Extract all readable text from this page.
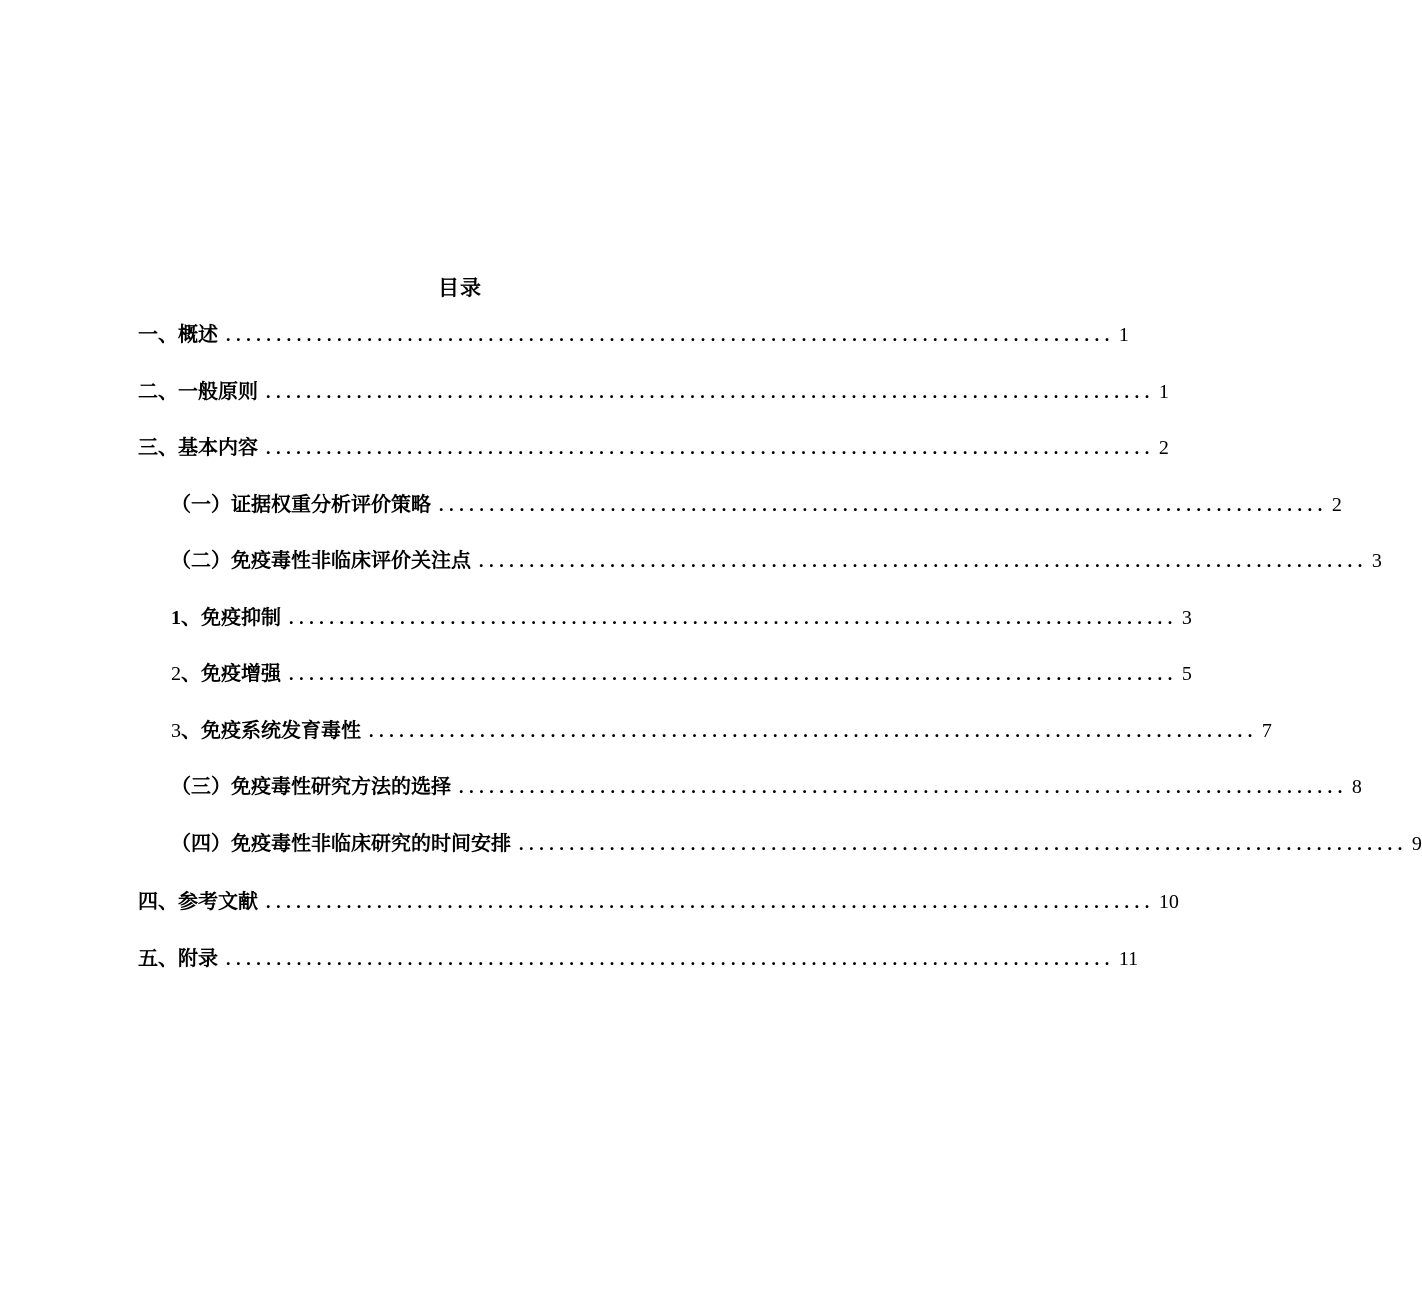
目录
一、概述 ........................................................................................ 1
二、一般原则 ........................................................................................ 1
三、基本内容 ........................................................................................ 2
（一）证据权重分析评价策略 ........................................................................................ 2
（二）免疫毒性非临床评价关注点 ........................................................................................ 3
1、免疫抑制 ........................................................................................ 3
2、免疫增强 ........................................................................................ 5
3、免疫系统发育毒性 ........................................................................................ 7
（三）免疫毒性研究方法的选择 ........................................................................................ 8
（四）免疫毒性非临床研究的时间安排 ........................................................................................ 9
四、参考文献 ........................................................................................ 10
五、附录 ........................................................................................ 11
